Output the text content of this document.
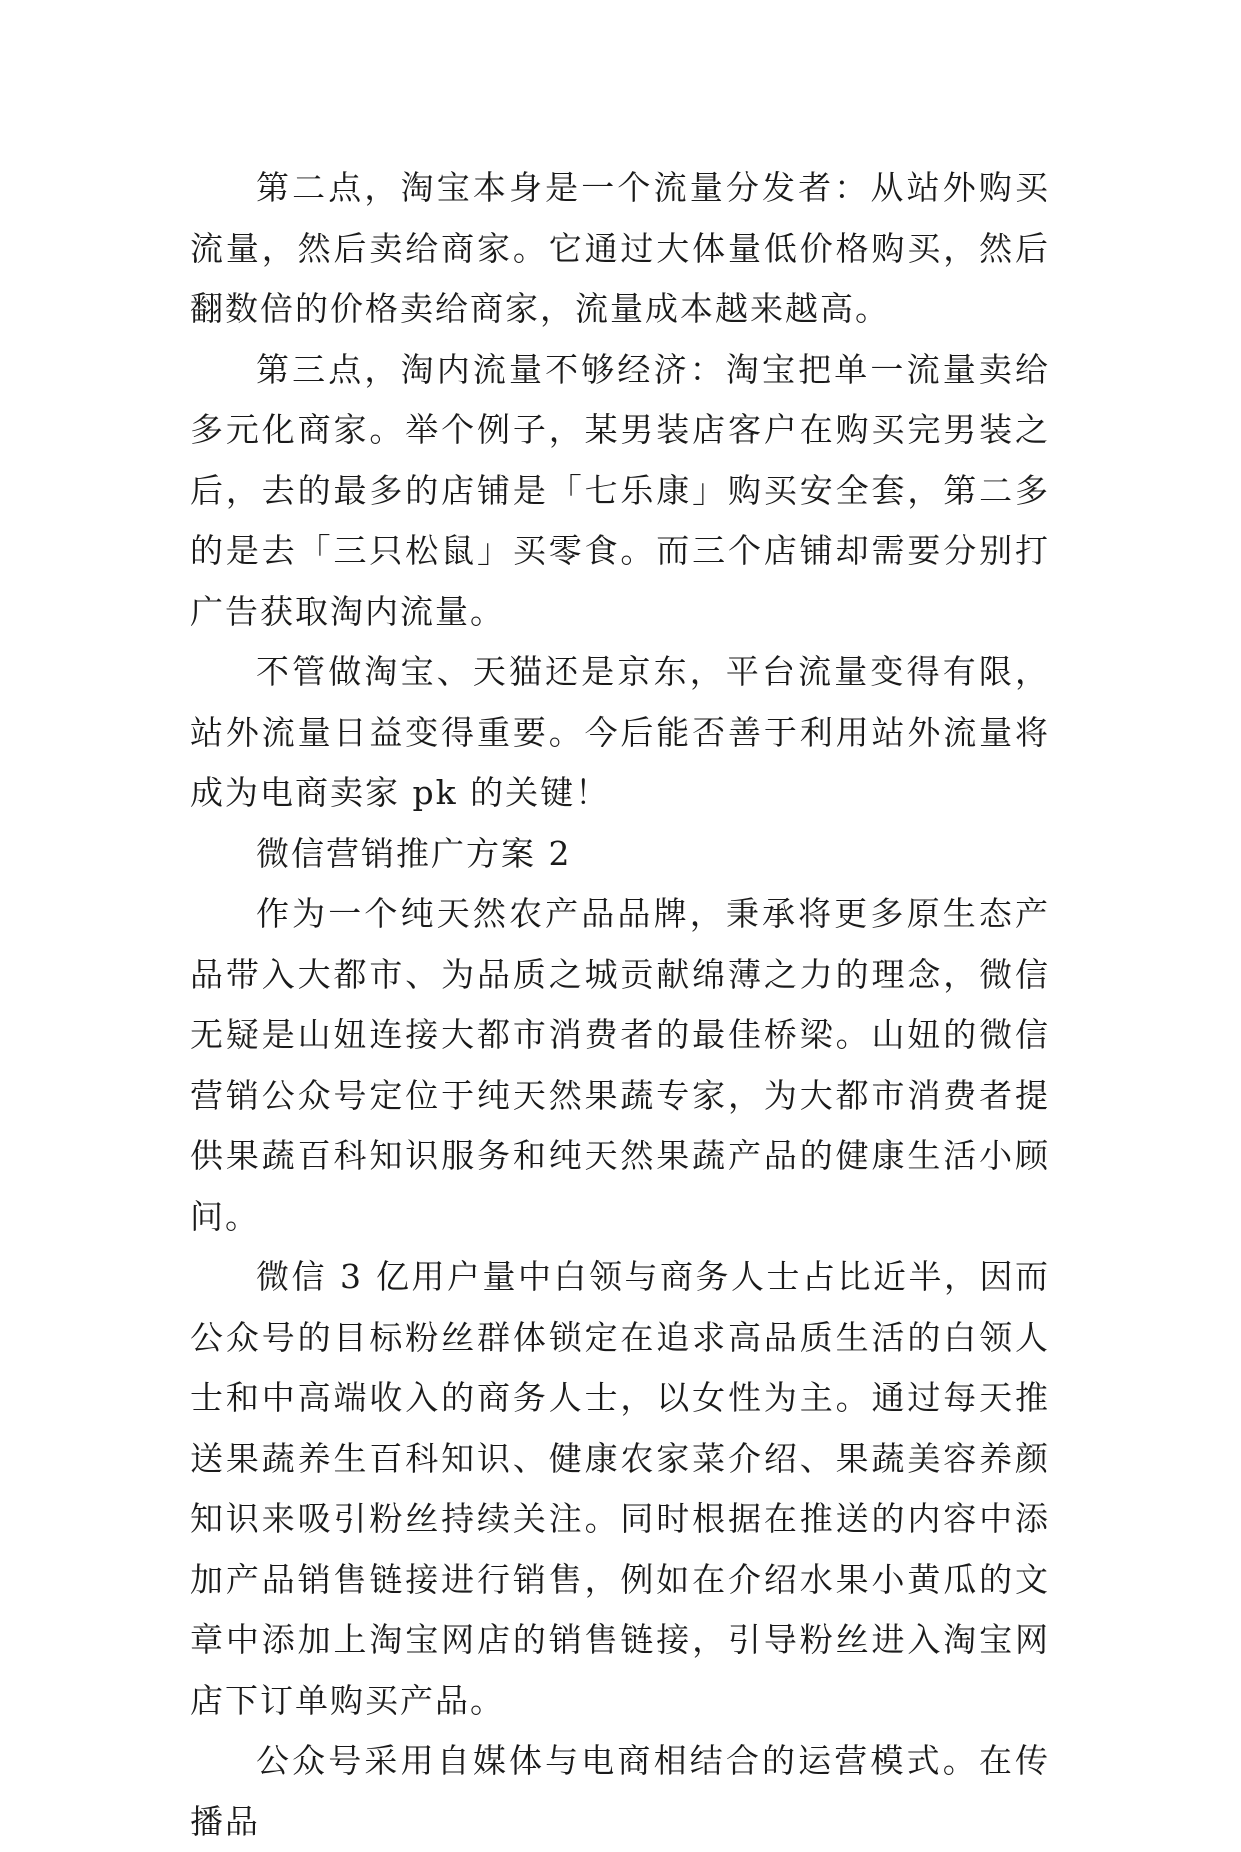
第二点，淘宝本身是一个流量分发者：从站外购买流量，然后卖给商家。它通过大体量低价格购买，然后翻数倍的价格卖给商家，流量成本越来越高。

第三点，淘内流量不够经济：淘宝把单一流量卖给多元化商家。举个例子，某男装店客户在购买完男装之后，去的最多的店铺是「七乐康」购买安全套，第二多的是去「三只松鼠」买零食。而三个店铺却需要分别打广告获取淘内流量。

不管做淘宝、天猫还是京东，平台流量变得有限，站外流量日益变得重要。今后能否善于利用站外流量将成为电商卖家 pk 的关键！

微信营销推广方案 2

作为一个纯天然农产品品牌，秉承将更多原生态产品带入大都市、为品质之城贡献绵薄之力的理念，微信无疑是山妞连接大都市消费者的最佳桥梁。山妞的微信营销公众号定位于纯天然果蔬专家，为大都市消费者提供果蔬百科知识服务和纯天然果蔬产品的健康生活小顾问。

微信 3 亿用户量中白领与商务人士占比近半，因而公众号的目标粉丝群体锁定在追求高品质生活的白领人士和中高端收入的商务人士，以女性为主。通过每天推送果蔬养生百科知识、健康农家菜介绍、果蔬美容养颜知识来吸引粉丝持续关注。同时根据在推送的内容中添加产品销售链接进行销售，例如在介绍水果小黄瓜的文章中添加上淘宝网店的销售链接，引导粉丝进入淘宝网店下订单购买产品。

公众号采用自媒体与电商相结合的运营模式。在传播品
